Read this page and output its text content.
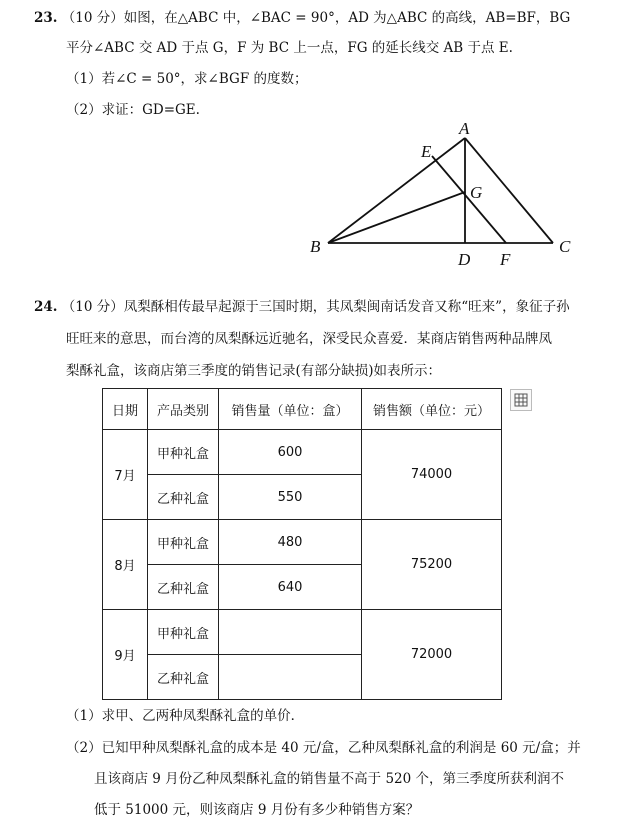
23. （10 分）如图，在△ABC 中，∠BAC = 90°，AD 为△ABC 的高线，AB=BF，BG
平分∠ABC 交 AD 于点 G，F 为 BC 上一点，FG 的延长线交 AB 于点 E.
（1）若∠C = 50°，求∠BGF 的度数；
（2）求证：GD=GE.
A
E
G
B	C
D F
24. （10 分）凤梨酥相传最早起源于三国时期，其凤梨闽南话发音又称“旺来”，象征子孙
旺旺来的意思，而台湾的凤梨酥远近驰名，深受民众喜爱．某商店销售两种品牌凤
梨酥礼盒，该商店第三季度的销售记录(有部分缺损)如表所示：
日期	产品类别	销售量（单位：盒）	销售额（单位：元）
7月	甲种礼盒	600	74000
	乙种礼盒	550	
8月	甲种礼盒	480	75200
	乙种礼盒	640	
9月	甲种礼盒		72000
	乙种礼盒		
（1）求甲、乙两种凤梨酥礼盒的单价．
（2）已知甲种凤梨酥礼盒的成本是 40 元/盒，乙种凤梨酥礼盒的利润是 60 元/盒；并
且该商店 9 月份乙种凤梨酥礼盒的销售量不高于 520 个，第三季度所获利润不
低于 51000 元，则该商店 9 月份有多少种销售方案？
